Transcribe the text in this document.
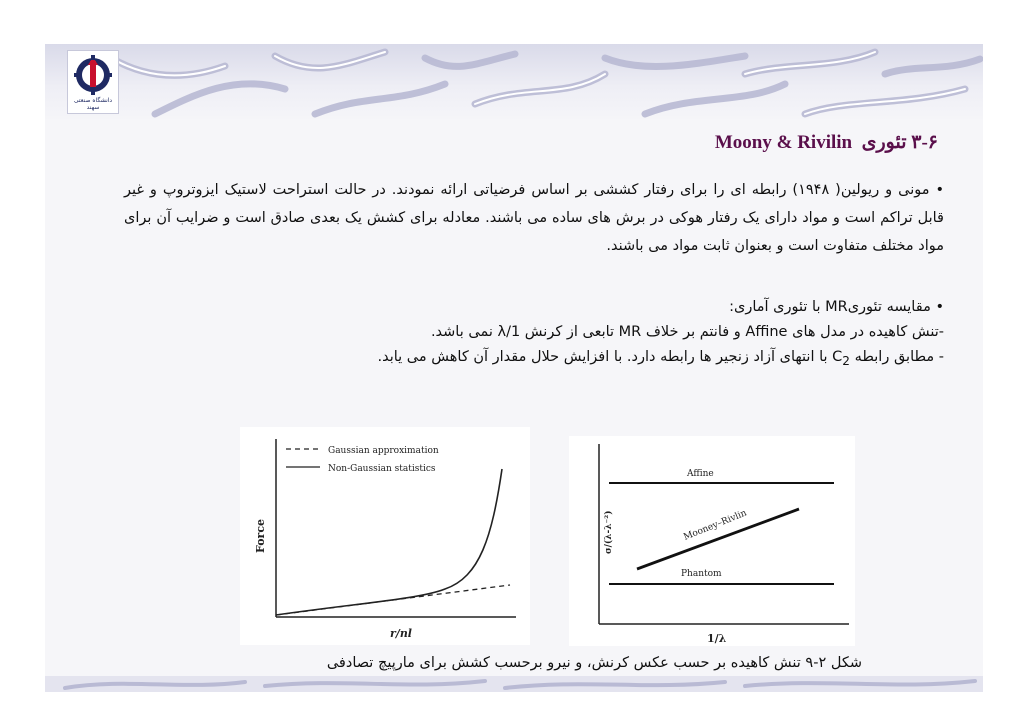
دانشگاه صنعتی سهند
۳-۶ تئوری  Moony & Rivilin
• مونی و ریولین( ۱۹۴۸) رابطه ای را برای رفتار کششی بر اساس فرضیاتی ارائه نمودند. در حالت استراحت لاستیک ایزوتروپ و غیر قابل تراکم است و مواد دارای یک رفتار هوکی در برش های ساده می باشند. معادله برای کشش یک بعدی صادق است و ضرایب آن برای مواد مختلف متفاوت است و بعنوان ثابت مواد می باشند.
• مقایسه تئوریMR با تئوری آماری:
-تنش کاهیده در مدل های Affine و فانتم بر خلاف MR تابعی از کرنش 1/λ نمی باشد.
- مطابق رابطه $C_2$ با انتهای آزاد زنجیر ها رابطه دارد. با افزایش حلال مقدار آن کاهش می یابد.
Gaussian approximation
Non-Gaussian statistics
Force
r/nl
Affine
Mooney–Rivlin
Phantom
σ/(λ-λ⁻²)
1/λ
شکل ۲-۹ تنش کاهیده بر حسب عکس کرنش، و نیرو برحسب کشش برای مارپیچ تصادفی
